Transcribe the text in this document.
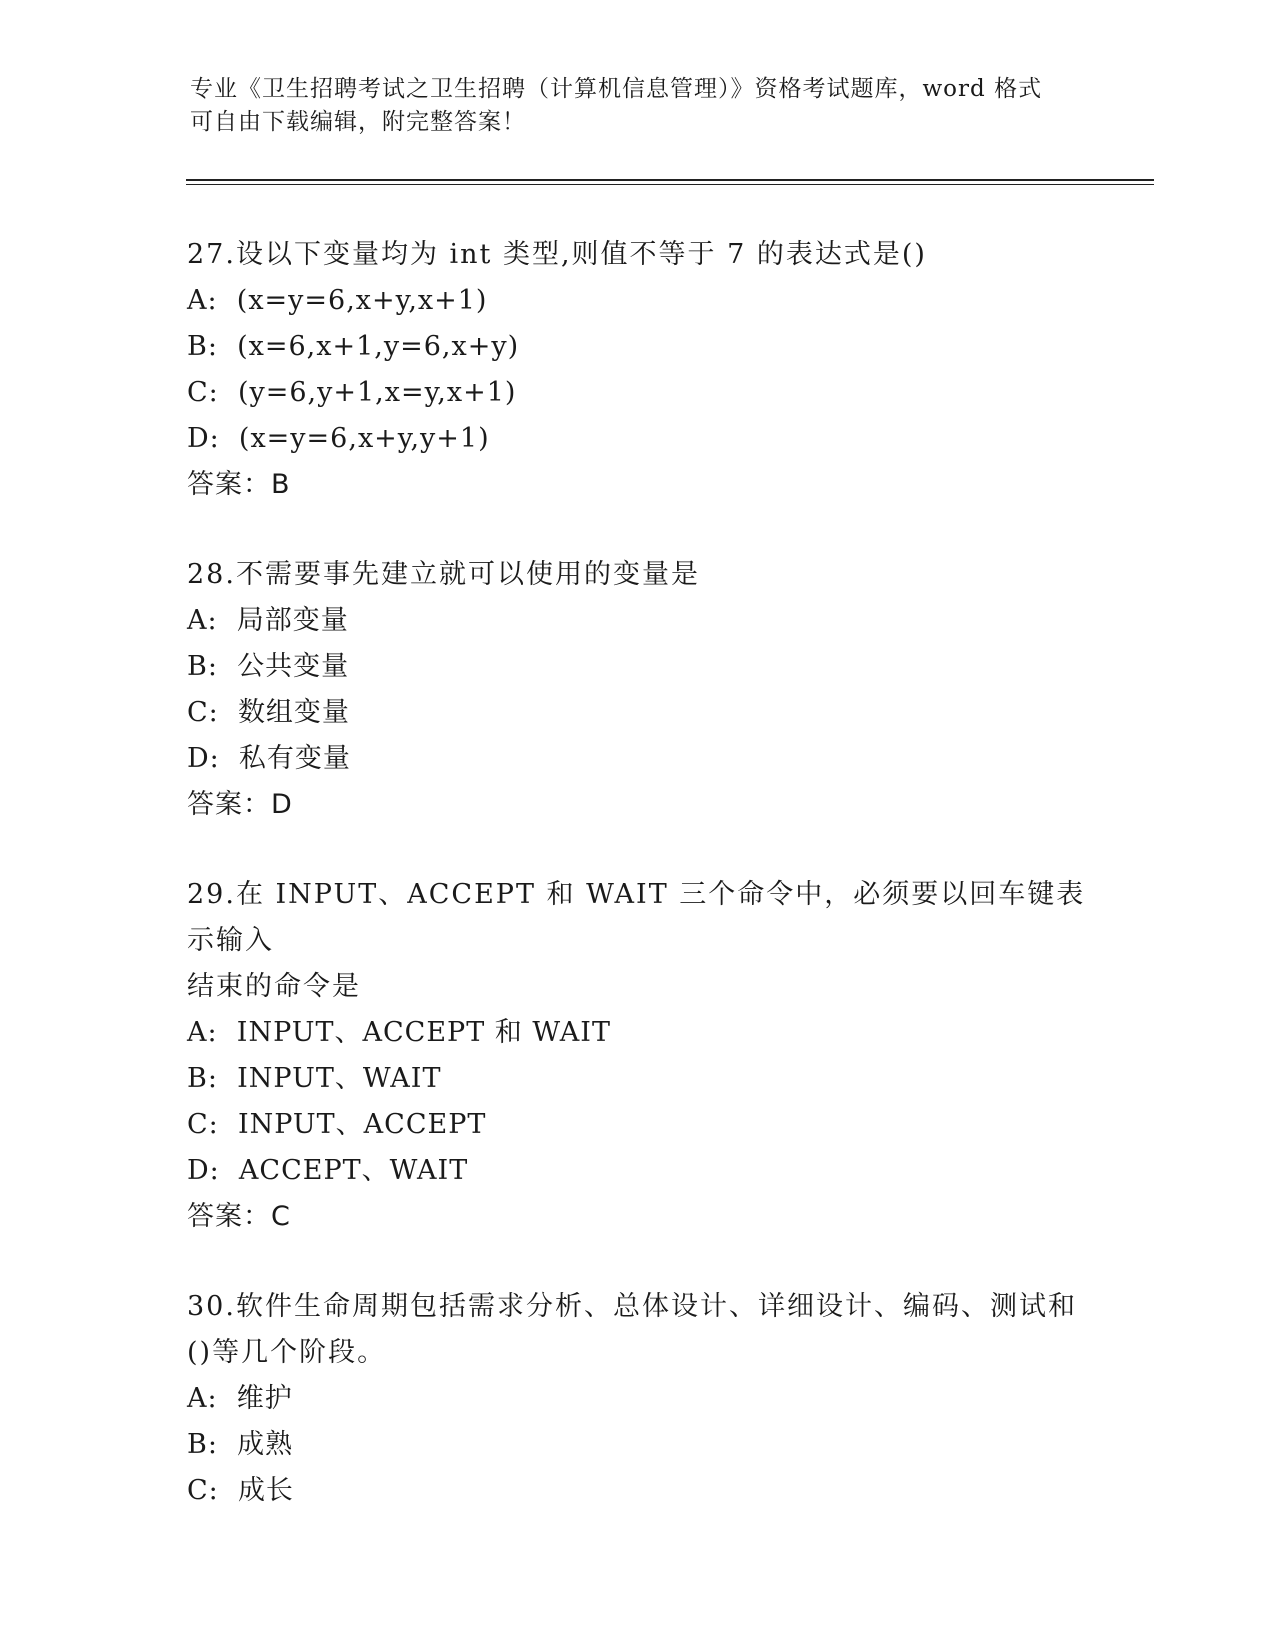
专业《卫生招聘考试之卫生招聘（计算机信息管理）》资格考试题库，word 格式
可自由下载编辑，附完整答案！
27.设以下变量均为 int 类型,则值不等于 7 的表达式是()
A: (x=y=6,x+y,x+1)
B: (x=6,x+1,y=6,x+y)
C: (y=6,y+1,x=y,x+1)
D: (x=y=6,x+y,y+1)
答案：B
28.不需要事先建立就可以使用的变量是
A: 局部变量
B: 公共变量
C: 数组变量
D: 私有变量
答案：D
29.在 INPUT、ACCEPT 和 WAIT 三个命令中，必须要以回车键表示输入
结束的命令是
A: INPUT、ACCEPT 和 WAIT
B: INPUT、WAIT
C: INPUT、ACCEPT
D: ACCEPT、WAIT
答案：C
30.软件生命周期包括需求分析、总体设计、详细设计、编码、测试和
()等几个阶段。
A: 维护
B: 成熟
C: 成长
